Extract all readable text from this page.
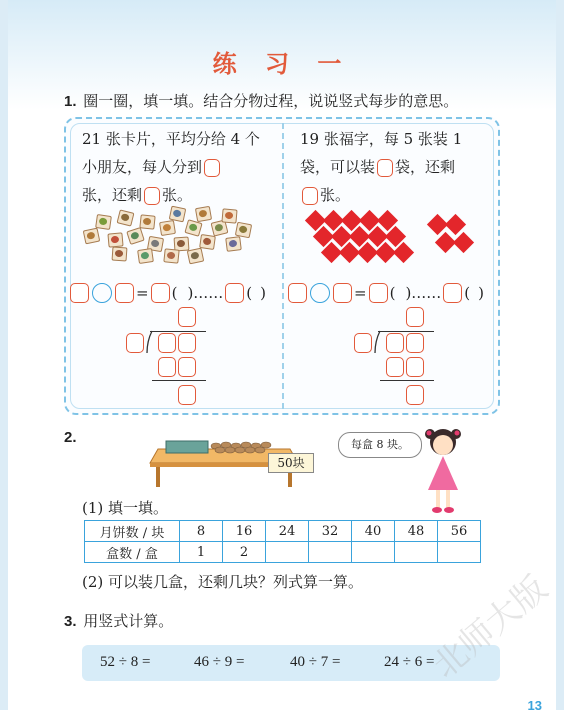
练 习 一
1. 圈一圈，填一填。结合分物过程，说说竖式每步的意思。
21 张卡片，平均分给 4 个小朋友，每人分到
张，还剩 张。
= ( )…… ( )
19 张福字，每 5 张装 1 袋，可以装 袋，还剩
张。
= ( )…… ( )
2.
50块
每盒 8 块。
(1) 填一填。
月饼数 / 块	8	16	24	32	40	48	56
盒数 / 盒	1	2					
(2) 可以装几盒，还剩几块？列式算一算。
3. 用竖式计算。
52 ÷ 8 =	46 ÷ 9 =	40 ÷ 7 =	24 ÷ 6 =
北师大版
13
